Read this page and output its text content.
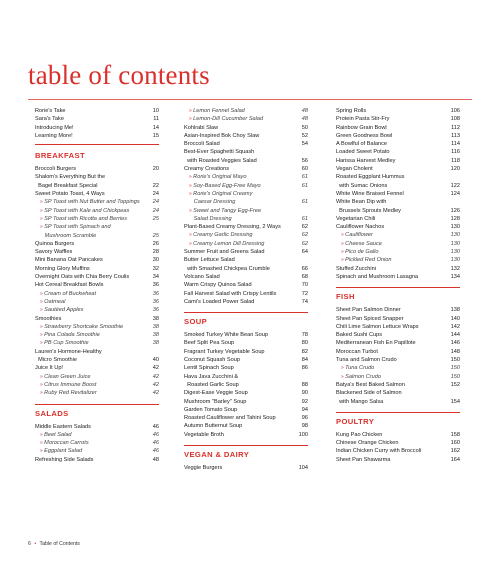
table of contents
Rorie's Take	10
Sara's Take	11
Introducing Me!	14
Learning More!	15
BREAKFAST
Broccoli Burgers	20
Shalom's Everything But the
Bagel Breakfast Special	22
Sweet Potato Toast, 4 Ways	24
» SP Toast with Nut Butter and Toppings	24
» SP Toast with Kale and Chickpeas	24
» SP Toast with Ricotta and Berries	25
» SP Toast with Spinach and
Mushroom Scramble	25
Quinoa Burgers	26
Savory Waffles	28
Mini Banana Oat Pancakes	30
Morning Glory Muffins	32
Overnight Oats with Chia Berry Coulis	34
Hot Cereal Breakfast Bowls	36
» Cream of Buckwheat	36
» Oatmeal	36
» Sautéed Apples	36
Smoothies	38
» Strawberry Shortcake Smoothie	38
» Pina Colada Smoothie	38
» PB Cup Smoothie	38
Lauren's Hormone-Healthy
Micro Smoothie	40
Juice It Up!	42
» Clean Green Juice	42
» Citrus Immune Boost	42
» Ruby Red Revitalizer	42
SALADS
Middle Eastern Salads	46
» Beet Salad	46
» Moroccan Carrots	46
» Eggplant Salad	46
Refreshing Side Salads	48
» Lemon Fennel Salad	48
» Lemon-Dill Cucumber Salad	48
Kohlrabi Slaw	50
Asian-Inspired Bok Choy Slaw	52
Broccoli Salad	54
Best-Ever Spaghetti Squash
with Roasted Veggies Salad	56
Creamy Creations	60
» Rorie's Original Mayo	61
» Soy-Based Egg-Free Mayo	61
» Rorie's Original Creamy
Caesar Dressing	61
» Sweet and Tangy Egg-Free
Salad Dressing	61
Plant-Based Creamy Dressing, 2 Ways	62
» Creamy Garlic Dressing	62
» Creamy Lemon Dill Dressing	62
Summer Fruit and Greens Salad	64
Butter Lettuce Salad
with Smashed Chickpea Crumble	66
Volcano Salad	68
Warm Crispy Quinoa Salad	70
Fall Harvest Salad with Crispy Lentils	72
Cami's Loaded Power Salad	74
SOUP
Smoked Turkey White Bean Soup	78
Beef Split Pea Soup	80
Fragrant Turkey Vegetable Soup	82
Coconut Squash Soup	84
Lentil Spinach Soup	86
Hava Java Zucchini &
Roasted Garlic Soup	88
Digest-Ease Veggie Soup	90
Mushroom "Barley" Soup	92
Garden Tomato Soup	94
Roasted Cauliflower and Tahini Soup	96
Autumn Butternut Soup	98
Vegetable Broth	100
VEGAN & DAIRY
Veggie Burgers	104
Spring Rolls	106
Protein Pasta Stir-Fry	108
Rainbow Grain Bowl	112
Green Goodness Bowl	113
A Bowlful of Balance	114
Loaded Sweet Potato	116
Harissa Harvest Medley	118
Vegan Cholent	120
Roasted Eggplant Hummus
with Sumac Onions	122
White Wine Braised Fennel	124
White Bean Dip with
Brussels Sprouts Medley	126
Vegetarian Chili	128
Cauliflower Nachos	130
» Cauliflower	130
» Cheese Sauce	130
» Pico de Gallo	130
» Pickled Red Onion	130
Stuffed Zucchini	132
Spinach and Mushroom Lasagna	134
FISH
Sheet Pan Salmon Dinner	138
Sheet Pan Spiced Snapper	140
Chili Lime Salmon Lettuce Wraps	142
Baked Sushi Cups	144
Mediterranean Fish En Papillote	146
Moroccan Turbot	148
Tuna and Salmon Crudo	150
» Tuna Crudo	150
» Salmon Crudo	150
Batya's Best Baked Salmon	152
Blackened Side of Salmon
with Mango Salsa	154
POULTRY
Kung Pao Chicken	158
Chinese Orange Chicken	160
Indian Chicken Curry with Broccoli	162
Sheet Pan Shawarma	164
6 • Table of Contents
